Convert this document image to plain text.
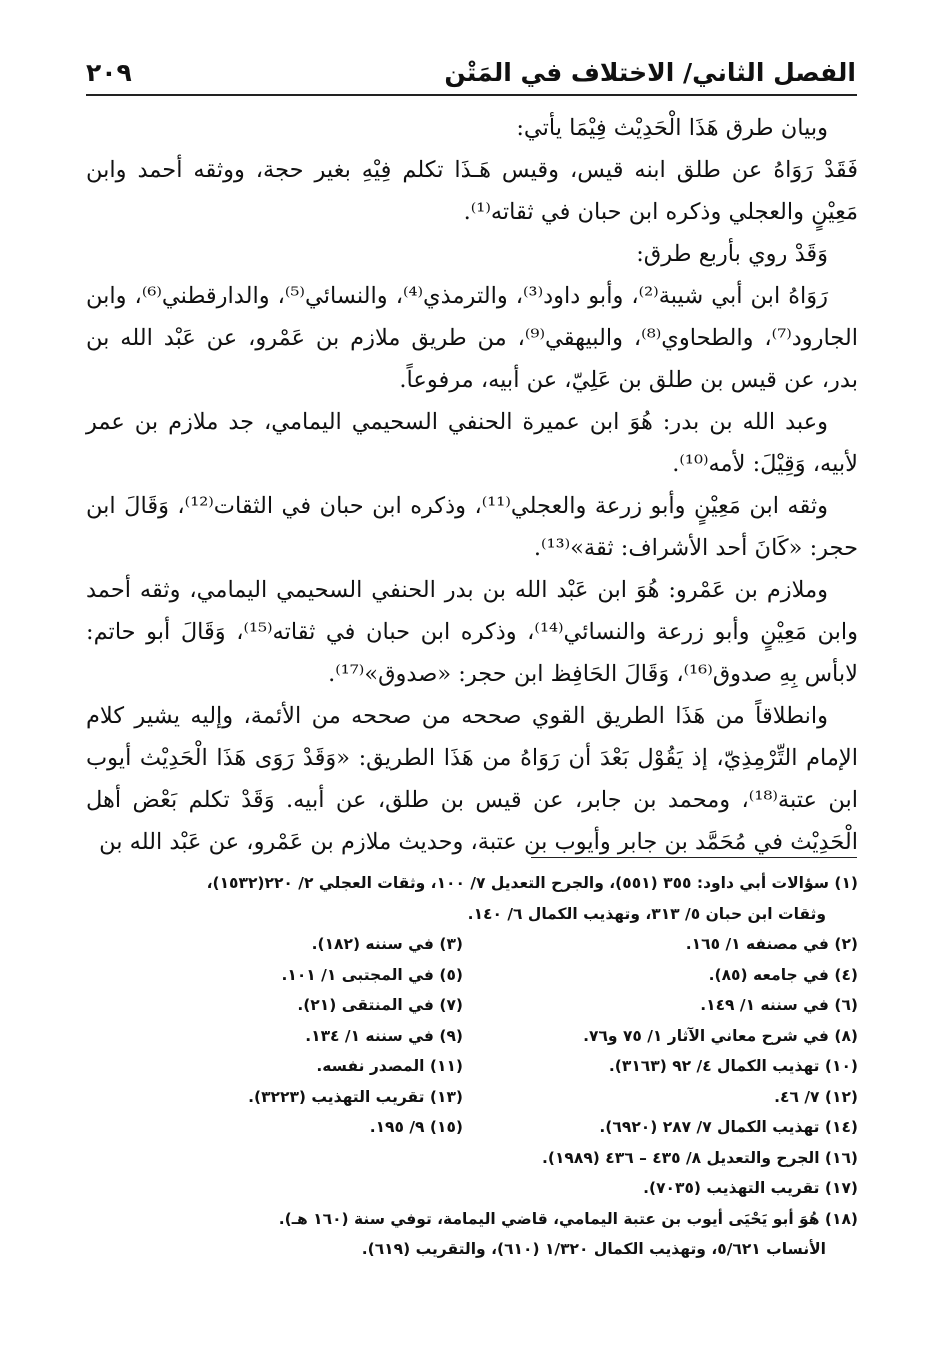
الفصل الثاني/ الاختلاف في المَتْن
٢٠٩

وبيان طرق هَذَا الْحَدِيْث فِيْمَا يأتي:

فَقَدْ رَوَاهُ عن طلق ابنه قيس، وقيس هَـذَا تكلم فِيْهِ بغير حجة، ووثقه أحمد وابن مَعِيْنٍ والعجلي وذكره ابن حبان في ثقاته⁽¹⁾.

وَقَدْ روي بأربع طرق:

رَوَاهُ ابن أبي شيبة⁽²⁾، وأبو داود⁽³⁾، والترمذي⁽⁴⁾، والنسائي⁽⁵⁾، والدارقطني⁽⁶⁾، وابن الجارود⁽⁷⁾، والطحاوي⁽⁸⁾، والبيهقي⁽⁹⁾، من طريق ملازم بن عَمْرو، عن عَبْد الله بن بدر، عن قيس بن طلق بن عَلِيّ، عن أبيه، مرفوعاً.

وعبد الله بن بدر: هُوَ ابن عميرة الحنفي السحيمي اليمامي، جد ملازم بن عمر لأبيه، وَقِيْلَ: لأمه⁽¹⁰⁾.

وثقه ابن مَعِيْنٍ وأبو زرعة والعجلي⁽¹¹⁾، وذكره ابن حبان في الثقات⁽¹²⁾، وَقَالَ ابن حجر: «كَانَ أحد الأشراف: ثقة»⁽¹³⁾.

وملازم بن عَمْرو: هُوَ ابن عَبْد الله بن بدر الحنفي السحيمي اليمامي، وثقه أحمد وابن مَعِيْنٍ وأبو زرعة والنسائي⁽¹⁴⁾، وذكره ابن حبان في ثقاته⁽¹⁵⁾، وَقَالَ أبو حاتم: لابأس بِهِ صدوق⁽¹⁶⁾، وَقَالَ الحَافِظ ابن حجر: «صدوق»⁽¹⁷⁾.

وانطلاقاً من هَذَا الطريق القوي صححه من صححه من الأئمة، وإليه يشير كلام الإمام التِّرْمِذِيّ، إذ يَقُوْل بَعْدَ أن رَوَاهُ من هَذَا الطريق: «وَقَدْ رَوَى هَذَا الْحَدِيْث أيوب ابن عتبة⁽¹⁸⁾، ومحمد بن جابر، عن قيس بن طلق، عن أبيه. وَقَدْ تكلم بَعْض أهل الْحَدِيْث في مُحَمَّد بن جابر وأيوب بن عتبة، وحديث ملازم بن عَمْرو، عن عَبْد الله بن

(١) سؤالات أبي داود: ٣٥٥ (٥٥١)، والجرح التعديل ٧/ ١٠٠، وثقات العجلي ٢/ ٢٢٠(١٥٣٢)،

وثقات ابن حبان ٥/ ٣١٣، وتهذيب الكمال ٦/ ١٤٠.

(٢) في مصنفه ١/ ١٦٥.
(٣) في سننه (١٨٢).
(٤) في جامعه (٨٥).
(٥) في المجتبى ١/ ١٠١.
(٦) في سننه ١/ ١٤٩.
(٧) في المنتقى (٢١).
(٨) في شرح معاني الآثار ١/ ٧٥ و٧٦.
(٩) في سننه ١/ ١٣٤.
(١٠) تهذيب الكمال ٤/ ٩٢ (٣١٦٣).
(١١) المصدر نفسه.
(١٢) ٧/ ٤٦.
(١٣) تقريب التهذيب (٣٢٢٣).
(١٤) تهذيب الكمال ٧/ ٢٨٧ (٦٩٢٠).
(١٥) ٩/ ١٩٥.

(١٦) الجرح والتعديل ٨/ ٤٣٥ – ٤٣٦ (١٩٨٩).

(١٧) تقريب التهذيب (٧٠٣٥).

(١٨) هُوَ أبو يَحْيَى أيوب بن عتبة اليمامي، قاضي اليمامة، توفي سنة (١٦٠ هـ).

الأنساب ٥/٦٢١، وتهذيب الكمال ١/٣٢٠ (٦١٠)، والتقريب (٦١٩).
